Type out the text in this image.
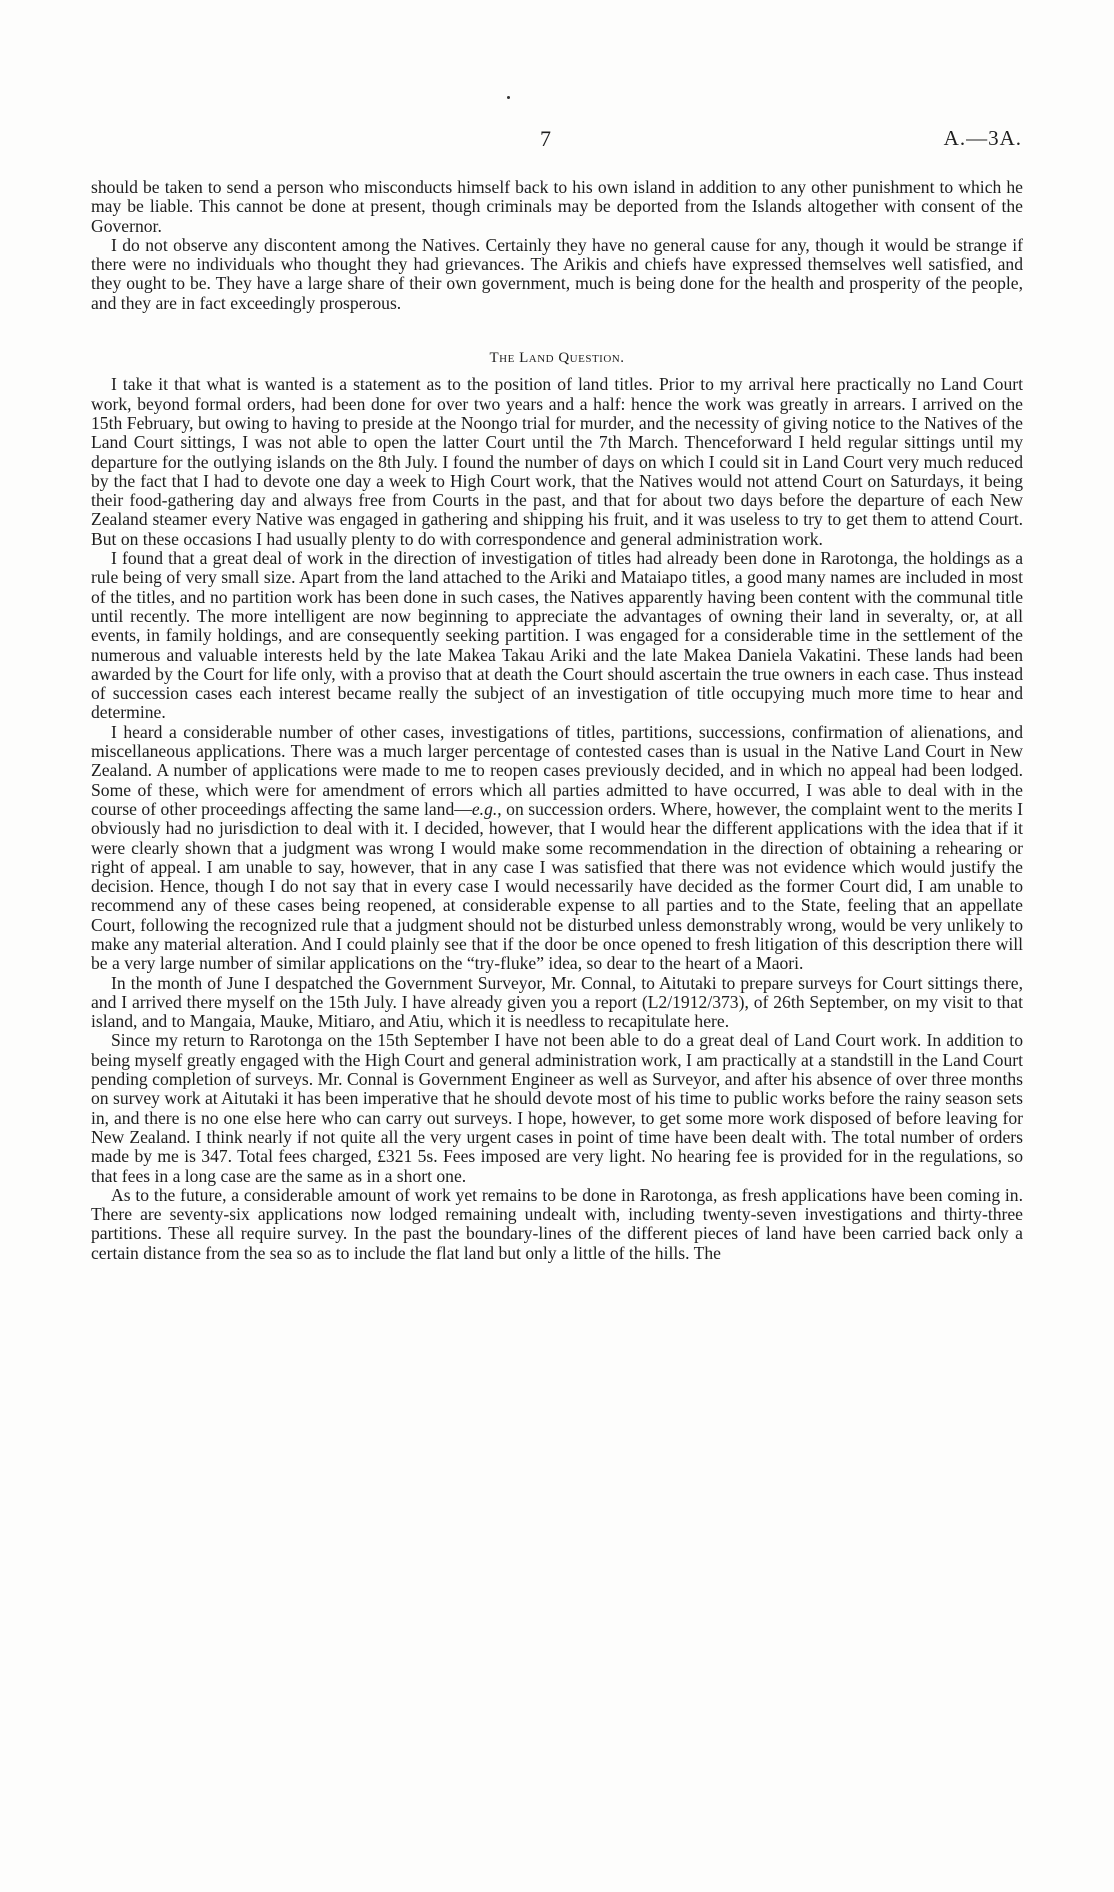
7	A.—3A.

should be taken to send a person who misconducts himself back to his own island in addition to any other punishment to which he may be liable. This cannot be done at present, though criminals may be deported from the Islands altogether with consent of the Governor.

I do not observe any discontent among the Natives. Certainly they have no general cause for any, though it would be strange if there were no individuals who thought they had grievances. The Arikis and chiefs have expressed themselves well satisfied, and they ought to be. They have a large share of their own government, much is being done for the health and prosperity of the people, and they are in fact exceedingly prosperous.

The Land Question.

I take it that what is wanted is a statement as to the position of land titles. Prior to my arrival here practically no Land Court work, beyond formal orders, had been done for over two years and a half: hence the work was greatly in arrears. I arrived on the 15th February, but owing to having to preside at the Noongo trial for murder, and the necessity of giving notice to the Natives of the Land Court sittings, I was not able to open the latter Court until the 7th March. Thenceforward I held regular sittings until my departure for the outlying islands on the 8th July. I found the number of days on which I could sit in Land Court very much reduced by the fact that I had to devote one day a week to High Court work, that the Natives would not attend Court on Saturdays, it being their food-gathering day and always free from Courts in the past, and that for about two days before the departure of each New Zealand steamer every Native was engaged in gathering and shipping his fruit, and it was useless to try to get them to attend Court. But on these occasions I had usually plenty to do with correspondence and general administration work.

I found that a great deal of work in the direction of investigation of titles had already been done in Rarotonga, the holdings as a rule being of very small size. Apart from the land attached to the Ariki and Mataiapo titles, a good many names are included in most of the titles, and no partition work has been done in such cases, the Natives apparently having been content with the communal title until recently. The more intelligent are now beginning to appreciate the advantages of owning their land in severalty, or, at all events, in family holdings, and are consequently seeking partition. I was engaged for a considerable time in the settlement of the numerous and valuable interests held by the late Makea Takau Ariki and the late Makea Daniela Vakatini. These lands had been awarded by the Court for life only, with a proviso that at death the Court should ascertain the true owners in each case. Thus instead of succession cases each interest became really the subject of an investigation of title occupying much more time to hear and determine.

I heard a considerable number of other cases, investigations of titles, partitions, successions, confirmation of alienations, and miscellaneous applications. There was a much larger percentage of contested cases than is usual in the Native Land Court in New Zealand. A number of applications were made to me to reopen cases previously decided, and in which no appeal had been lodged. Some of these, which were for amendment of errors which all parties admitted to have occurred, I was able to deal with in the course of other proceedings affecting the same land—e.g., on succession orders. Where, however, the complaint went to the merits I obviously had no jurisdiction to deal with it. I decided, however, that I would hear the different applications with the idea that if it were clearly shown that a judgment was wrong I would make some recommendation in the direction of obtaining a rehearing or right of appeal. I am unable to say, however, that in any case I was satisfied that there was not evidence which would justify the decision. Hence, though I do not say that in every case I would necessarily have decided as the former Court did, I am unable to recommend any of these cases being reopened, at considerable expense to all parties and to the State, feeling that an appellate Court, following the recognized rule that a judgment should not be disturbed unless demonstrably wrong, would be very unlikely to make any material alteration. And I could plainly see that if the door be once opened to fresh litigation of this description there will be a very large number of similar applications on the “try-fluke” idea, so dear to the heart of a Maori.

In the month of June I despatched the Government Surveyor, Mr. Connal, to Aitutaki to prepare surveys for Court sittings there, and I arrived there myself on the 15th July. I have already given you a report (L2/1912/373), of 26th September, on my visit to that island, and to Mangaia, Mauke, Mitiaro, and Atiu, which it is needless to recapitulate here.

Since my return to Rarotonga on the 15th September I have not been able to do a great deal of Land Court work. In addition to being myself greatly engaged with the High Court and general administration work, I am practically at a standstill in the Land Court pending completion of surveys. Mr. Connal is Government Engineer as well as Surveyor, and after his absence of over three months on survey work at Aitutaki it has been imperative that he should devote most of his time to public works before the rainy season sets in, and there is no one else here who can carry out surveys. I hope, however, to get some more work disposed of before leaving for New Zealand. I think nearly if not quite all the very urgent cases in point of time have been dealt with. The total number of orders made by me is 347. Total fees charged, £321 5s. Fees imposed are very light. No hearing fee is provided for in the regulations, so that fees in a long case are the same as in a short one.

As to the future, a considerable amount of work yet remains to be done in Rarotonga, as fresh applications have been coming in. There are seventy-six applications now lodged remaining undealt with, including twenty-seven investigations and thirty-three partitions. These all require survey. In the past the boundary-lines of the different pieces of land have been carried back only a certain distance from the sea so as to include the flat land but only a little of the hills. The
